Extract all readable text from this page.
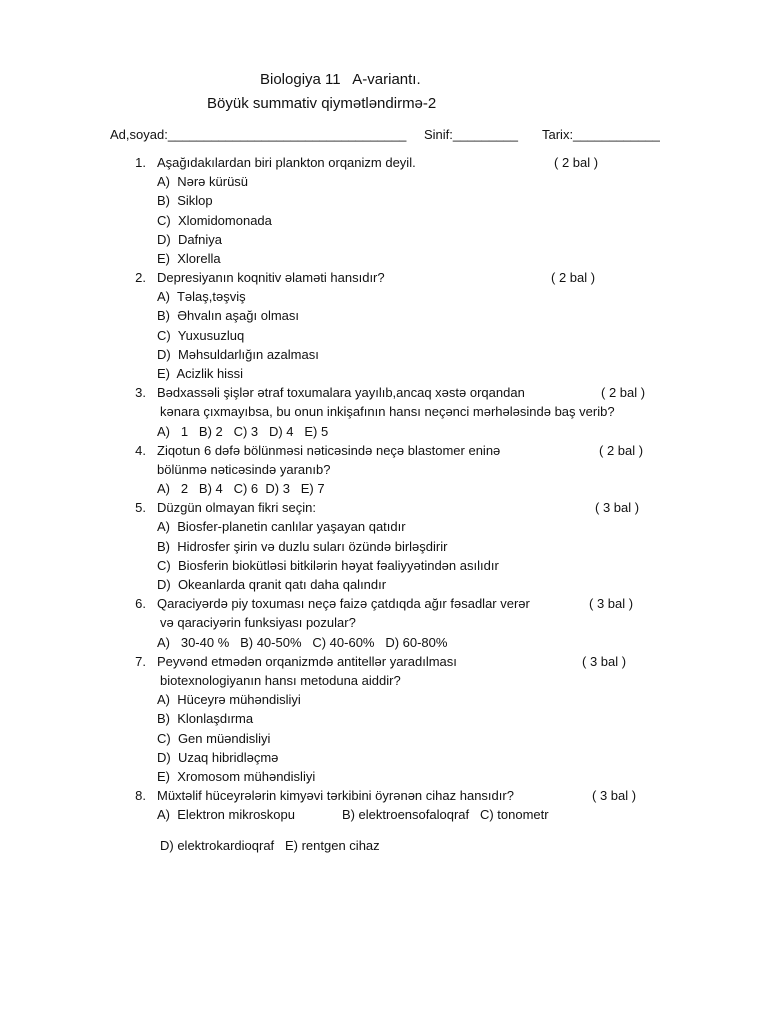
Biologiya 11   A-variantı.
Böyük summativ qiymətləndirmə-2
Ad,soyad:_________________________________ Sinif:_________ Tarix:____________
1. Aşağıdakılardan biri plankton orqanizm deyil.	( 2 bal )
A)  Nərə kürüsü
B)  Siklop
C)  Xlomidomonada
D)  Dafniya
E)  Xlorella
2. Depresiyanın koqnitiv əlaməti hansıdır?	( 2 bal )
A)  Təlaş,təşviş
B)  Əhvalın aşağı olması
C)  Yuxusuzluq
D)  Məhsuldarlığın azalması
E)  Acizlik hissi
3. Bədxassəli şişlər ətraf toxumalara yayılıb,ancaq xəstə orqandan	( 2 bal )
kənara çıxmayıbsa, bu onun inkişafının hansı neçənci mərhələsində baş verib?
A)   1   B) 2   C) 3   D) 4   E) 5
4. Ziqotun 6 dəfə bölünməsi nəticəsində neçə blastomer eninə	( 2 bal )
bölünmə nəticəsində yaranıb?
A)   2   B) 4   C) 6  D) 3   E) 7
5. Düzgün olmayan fikri seçin:	( 3 bal )
A)  Biosfer-planetin canlılar yaşayan qatıdır
B)  Hidrosfer şirin və duzlu suları özündə birləşdirir
C)  Biosferin biokütləsi bitkilərin həyat fəaliyyətindən asılıdır
D)  Okeanlarda qranit qatı daha qalındır
6. Qaraciyərdə piy toxuması neçə faizə çatdıqda ağır fəsadlar verər	( 3 bal )
və qaraciyərin funksiyası pozular?
A)   30-40 %   B) 40-50%   C) 40-60%   D) 60-80%
7. Peyvənd etmədən orqanizmdə antitellər yaradılması	( 3 bal )
biotexnologiyanın hansı metoduna aiddir?
A)  Hüceyrə mühəndisliyi
B)  Klonlaşdırma
C)  Gen müəndisliyi
D)  Uzaq hibridləçmə
E)  Xromosom mühəndisliyi
8. Müxtəlif hüceyrələrin kimyəvi tərkibini öyrənən cihaz hansıdır?	( 3 bal )
A)  Elektron mikroskopu             B) elektroensofaloqraf   C) tonometr
D) elektrokardioqraf   E) rentgen cihaz
